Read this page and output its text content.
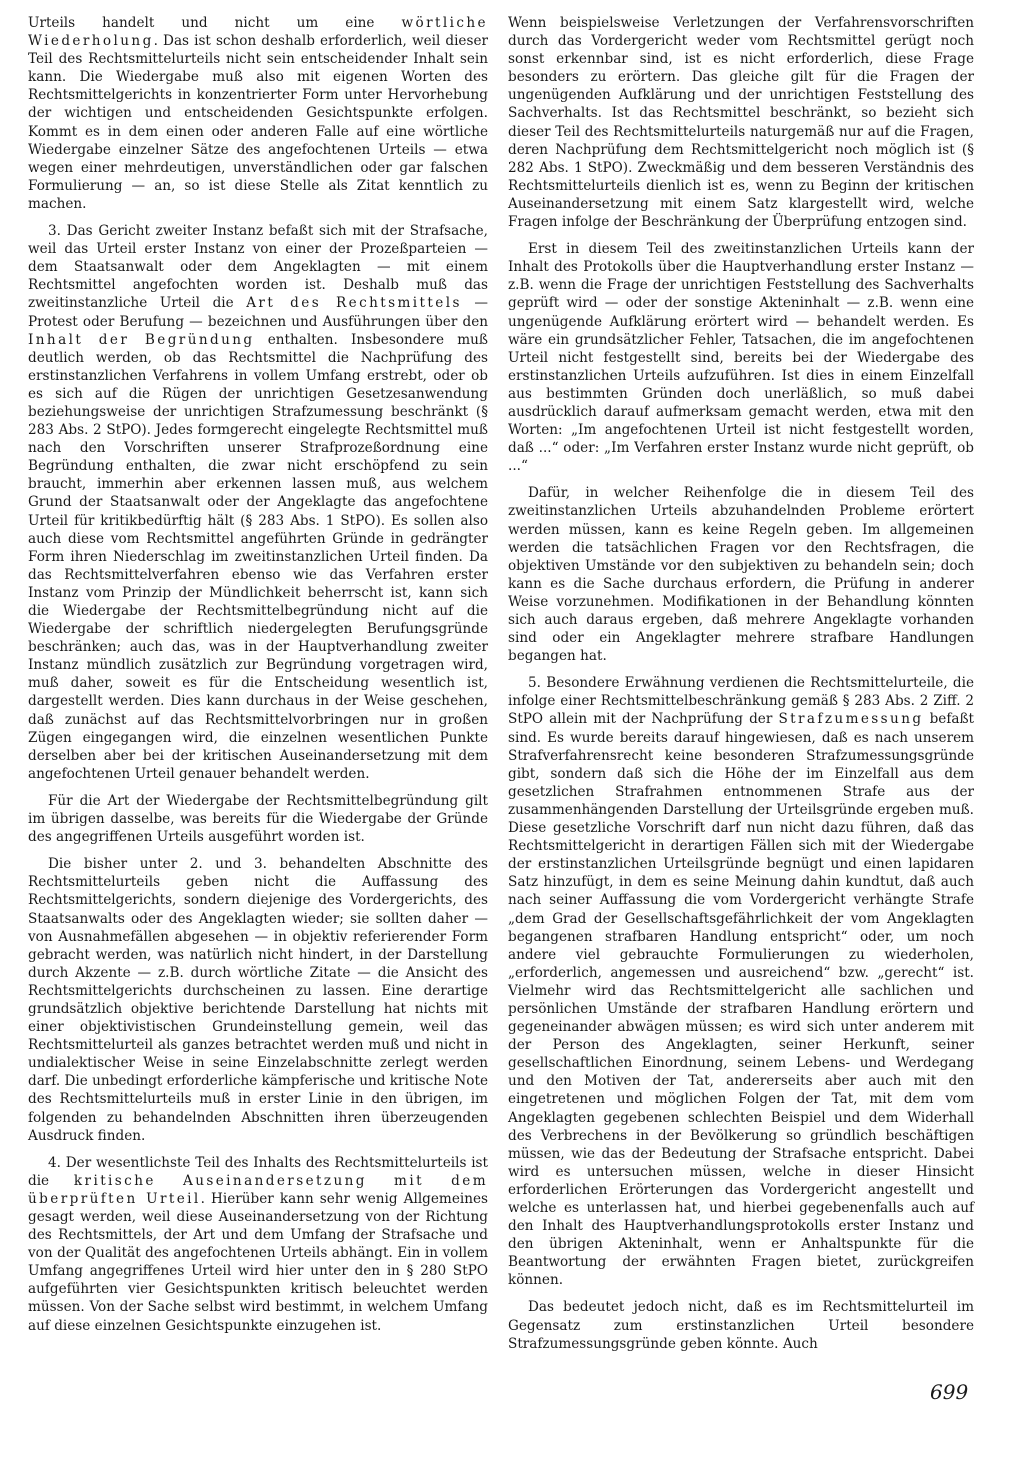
Urteils handelt und nicht um eine wörtliche Wiederholung. Das ist schon deshalb erforderlich, weil dieser Teil des Rechtsmittelurteils nicht sein entscheidender Inhalt sein kann. Die Wiedergabe muß also mit eigenen Worten des Rechtsmittelgerichts in konzentrierter Form unter Hervorhebung der wichtigen und entscheidenden Gesichtspunkte erfolgen. Kommt es in dem einen oder anderen Falle auf eine wörtliche Wiedergabe einzelner Sätze des angefochtenen Urteils — etwa wegen einer mehrdeutigen, unverständlichen oder gar falschen Formulierung — an, so ist diese Stelle als Zitat kenntlich zu machen.

3. Das Gericht zweiter Instanz befaßt sich mit der Strafsache, weil das Urteil erster Instanz von einer der Prozeßparteien — dem Staatsanwalt oder dem Angeklagten — mit einem Rechtsmittel angefochten worden ist. Deshalb muß das zweitinstanzliche Urteil die Art des Rechtsmittels — Protest oder Berufung — bezeichnen und Ausführungen über den Inhalt der Begründung enthalten. Insbesondere muß deutlich werden, ob das Rechtsmittel die Nachprüfung des erstinstanzlichen Verfahrens in vollem Umfang erstrebt, oder ob es sich auf die Rügen der unrichtigen Gesetzesanwendung beziehungsweise der unrichtigen Strafzumessung beschränkt (§ 283 Abs. 2 StPO). Jedes formgerecht eingelegte Rechtsmittel muß nach den Vorschriften unserer Strafprozeßordnung eine Begründung enthalten, die zwar nicht erschöpfend zu sein braucht, immerhin aber erkennen lassen muß, aus welchem Grund der Staatsanwalt oder der Angeklagte das angefochtene Urteil für kritikbedürftig hält (§ 283 Abs. 1 StPO). Es sollen also auch diese vom Rechtsmittel angeführten Gründe in gedrängter Form ihren Niederschlag im zweitinstanzlichen Urteil finden. Da das Rechtsmittelverfahren ebenso wie das Verfahren erster Instanz vom Prinzip der Mündlichkeit beherrscht ist, kann sich die Wiedergabe der Rechtsmittelbegründung nicht auf die Wiedergabe der schriftlich niedergelegten Berufungsgründe beschränken; auch das, was in der Hauptverhandlung zweiter Instanz mündlich zusätzlich zur Begründung vorgetragen wird, muß daher, soweit es für die Entscheidung wesentlich ist, dargestellt werden. Dies kann durchaus in der Weise geschehen, daß zunächst auf das Rechtsmittelvorbringen nur in großen Zügen eingegangen wird, die einzelnen wesentlichen Punkte derselben aber bei der kritischen Auseinandersetzung mit dem angefochtenen Urteil genauer behandelt werden.

Für die Art der Wiedergabe der Rechtsmittelbegründung gilt im übrigen dasselbe, was bereits für die Wiedergabe der Gründe des angegriffenen Urteils ausgeführt worden ist.

Die bisher unter 2. und 3. behandelten Abschnitte des Rechtsmittelurteils geben nicht die Auffassung des Rechtsmittelgerichts, sondern diejenige des Vordergerichts, des Staatsanwalts oder des Angeklagten wieder; sie sollten daher — von Ausnahmefällen abgesehen — in objektiv referierender Form gebracht werden, was natürlich nicht hindert, in der Darstellung durch Akzente — z.B. durch wörtliche Zitate — die Ansicht des Rechtsmittelgerichts durchscheinen zu lassen. Eine derartige grundsätzlich objektive berichtende Darstellung hat nichts mit einer objektivistischen Grundeinstellung gemein, weil das Rechtsmittelurteil als ganzes betrachtet werden muß und nicht in undialektischer Weise in seine Einzelabschnitte zerlegt werden darf. Die unbedingt erforderliche kämpferische und kritische Note des Rechtsmittelurteils muß in erster Linie in den übrigen, im folgenden zu behandelnden Abschnitten ihren überzeugenden Ausdruck finden.

4. Der wesentlichste Teil des Inhalts des Rechtsmittelurteils ist die kritische Auseinandersetzung mit dem überprüften Urteil. Hierüber kann sehr wenig Allgemeines gesagt werden, weil diese Auseinandersetzung von der Richtung des Rechtsmittels, der Art und dem Umfang der Strafsache und von der Qualität des angefochtenen Urteils abhängt. Ein in vollem Umfang angegriffenes Urteil wird hier unter den in § 280 StPO aufgeführten vier Gesichtspunkten kritisch beleuchtet werden müssen. Von der Sache selbst wird bestimmt, in welchem Umfang auf diese einzelnen Gesichtspunkte einzugehen ist.

Wenn beispielsweise Verletzungen der Verfahrensvorschriften durch das Vordergericht weder vom Rechtsmittel gerügt noch sonst erkennbar sind, ist es nicht erforderlich, diese Frage besonders zu erörtern. Das gleiche gilt für die Fragen der ungenügenden Aufklärung und der unrichtigen Feststellung des Sachverhalts. Ist das Rechtsmittel beschränkt, so bezieht sich dieser Teil des Rechtsmittelurteils naturgemäß nur auf die Fragen, deren Nachprüfung dem Rechtsmittelgericht noch möglich ist (§ 282 Abs. 1 StPO). Zweckmäßig und dem besseren Verständnis des Rechtsmittelurteils dienlich ist es, wenn zu Beginn der kritischen Auseinandersetzung mit einem Satz klargestellt wird, welche Fragen infolge der Beschränkung der Überprüfung entzogen sind.

Erst in diesem Teil des zweitinstanzlichen Urteils kann der Inhalt des Protokolls über die Hauptverhandlung erster Instanz — z.B. wenn die Frage der unrichtigen Feststellung des Sachverhalts geprüft wird — oder der sonstige Akteninhalt — z.B. wenn eine ungenügende Aufklärung erörtert wird — behandelt werden. Es wäre ein grundsätzlicher Fehler, Tatsachen, die im angefochtenen Urteil nicht festgestellt sind, bereits bei der Wiedergabe des erstinstanzlichen Urteils aufzuführen. Ist dies in einem Einzelfall aus bestimmten Gründen doch unerläßlich, so muß dabei ausdrücklich darauf aufmerksam gemacht werden, etwa mit den Worten: „Im angefochtenen Urteil ist nicht festgestellt worden, daß ...“ oder: „Im Verfahren erster Instanz wurde nicht geprüft, ob ...“

Dafür, in welcher Reihenfolge die in diesem Teil des zweitinstanzlichen Urteils abzuhandelnden Probleme erörtert werden müssen, kann es keine Regeln geben. Im allgemeinen werden die tatsächlichen Fragen vor den Rechtsfragen, die objektiven Umstände vor den subjektiven zu behandeln sein; doch kann es die Sache durchaus erfordern, die Prüfung in anderer Weise vorzunehmen. Modifikationen in der Behandlung könnten sich auch daraus ergeben, daß mehrere Angeklagte vorhanden sind oder ein Angeklagter mehrere strafbare Handlungen begangen hat.

5. Besondere Erwähnung verdienen die Rechtsmittelurteile, die infolge einer Rechtsmittelbeschränkung gemäß § 283 Abs. 2 Ziff. 2 StPO allein mit der Nachprüfung der Strafzumessung befaßt sind. Es wurde bereits darauf hingewiesen, daß es nach unserem Strafverfahrensrecht keine besonderen Strafzumessungsgründe gibt, sondern daß sich die Höhe der im Einzelfall aus dem gesetzlichen Strafrahmen entnommenen Strafe aus der zusammenhängenden Darstellung der Urteilsgründe ergeben muß. Diese gesetzliche Vorschrift darf nun nicht dazu führen, daß das Rechtsmittelgericht in derartigen Fällen sich mit der Wiedergabe der erstinstanzlichen Urteilsgründe begnügt und einen lapidaren Satz hinzufügt, in dem es seine Meinung dahin kundtut, daß auch nach seiner Auffassung die vom Vordergericht verhängte Strafe „dem Grad der Gesellschaftsgefährlichkeit der vom Angeklagten begangenen strafbaren Handlung entspricht“ oder, um noch andere viel gebrauchte Formulierungen zu wiederholen, „erforderlich, angemessen und ausreichend“ bzw. „gerecht“ ist. Vielmehr wird das Rechtsmittelgericht alle sachlichen und persönlichen Umstände der strafbaren Handlung erörtern und gegeneinander abwägen müssen; es wird sich unter anderem mit der Person des Angeklagten, seiner Herkunft, seiner gesellschaftlichen Einordnung, seinem Lebens- und Werdegang und den Motiven der Tat, andererseits aber auch mit den eingetretenen und möglichen Folgen der Tat, mit dem vom Angeklagten gegebenen schlechten Beispiel und dem Widerhall des Verbrechens in der Bevölkerung so gründlich beschäftigen müssen, wie das der Bedeutung der Strafsache entspricht. Dabei wird es untersuchen müssen, welche in dieser Hinsicht erforderlichen Erörterungen das Vordergericht angestellt und welche es unterlassen hat, und hierbei gegebenenfalls auch auf den Inhalt des Hauptverhandlungsprotokolls erster Instanz und den übrigen Akteninhalt, wenn er Anhaltspunkte für die Beantwortung der erwähnten Fragen bietet, zurückgreifen können.

Das bedeutet jedoch nicht, daß es im Rechtsmittelurteil im Gegensatz zum erstinstanzlichen Urteil besondere Strafzumessungsgründe geben könnte. Auch

699
